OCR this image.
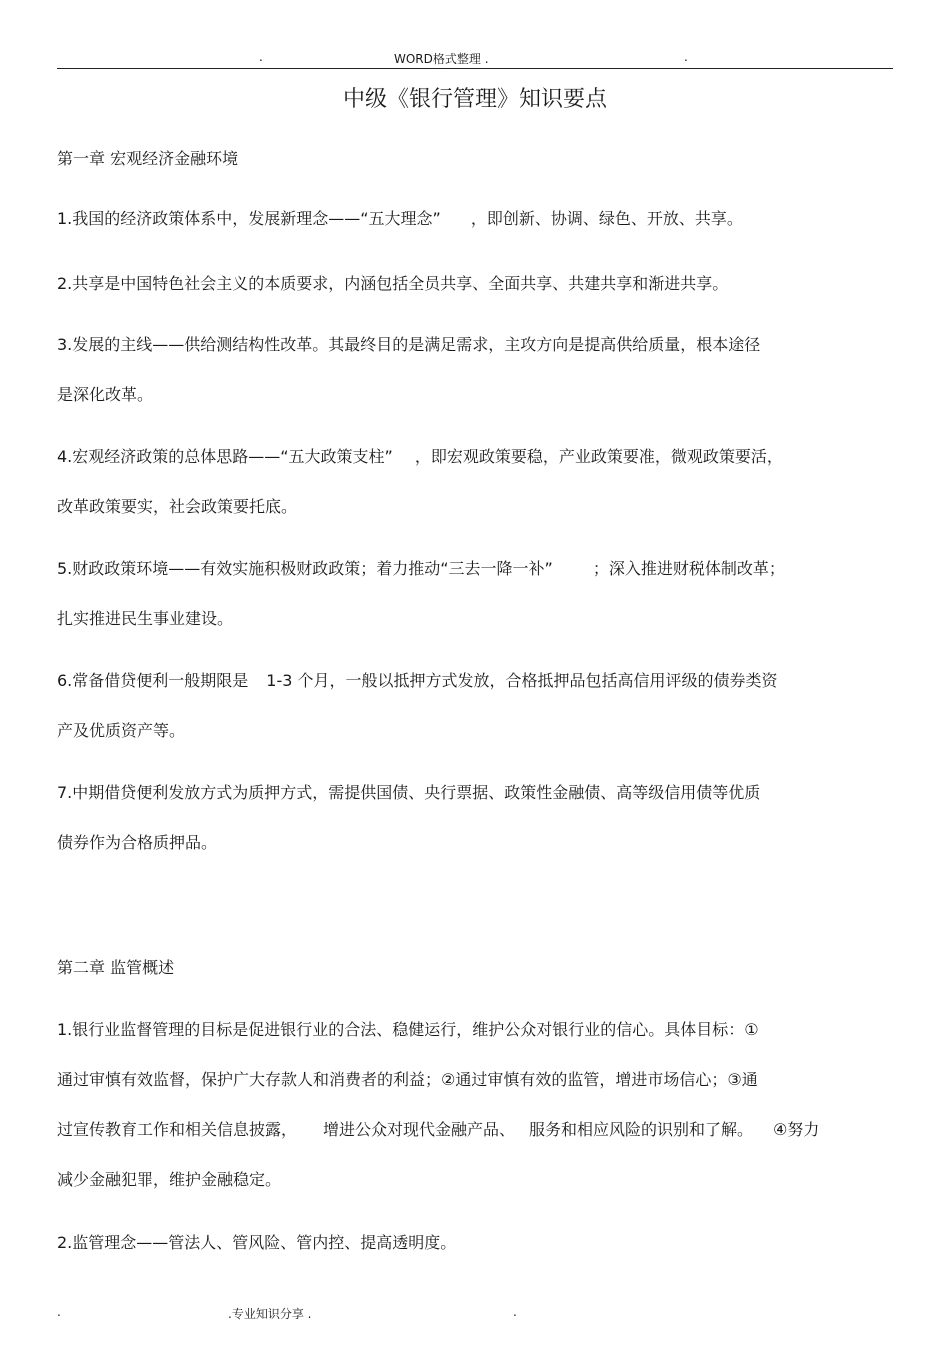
.	WORD格式整理 .	.
中级《银行管理》知识要点
第一章 宏观经济金融环境
1.我国的经济政策体系中，发展新理念——“五大理念” ，即创新、协调、绿色、开放、共享。
2.共享是中国特色社会主义的本质要求，内涵包括全员共享、全面共享、共建共享和渐进共享。
3.发展的主线——供给测结构性改革。其最终目的是满足需求，主攻方向是提高供给质量，根本途径
是深化改革。
4.宏观经济政策的总体思路——“五大政策支柱” ，即宏观政策要稳，产业政策要准，微观政策要活，
改革政策要实，社会政策要托底。
5.财政政策环境——有效实施积极财政政策；着力推动“三去一降一补”	；深入推进财税体制改革；
扎实推进民生事业建设。
6.常备借贷便利一般期限是 1-3 个月，一般以抵押方式发放，合格抵押品包括高信用评级的债券类资
产及优质资产等。
7.中期借贷便利发放方式为质押方式，需提供国债、央行票据、政策性金融债、高等级信用债等优质
债券作为合格质押品。
第二章 监管概述
1.银行业监督管理的目标是促进银行业的合法、稳健运行，维护公众对银行业的信心。具体目标：①
通过审慎有效监督，保护广大存款人和消费者的利益；②通过审慎有效的监管，增进市场信心；③通
过宣传教育工作和相关信息披露， 增进公众对现代金融产品、 服务和相应风险的识别和了解。 ④努力
减少金融犯罪，维护金融稳定。
2.监管理念——管法人、管风险、管内控、提高透明度。
.	.专业知识分享 .	.
